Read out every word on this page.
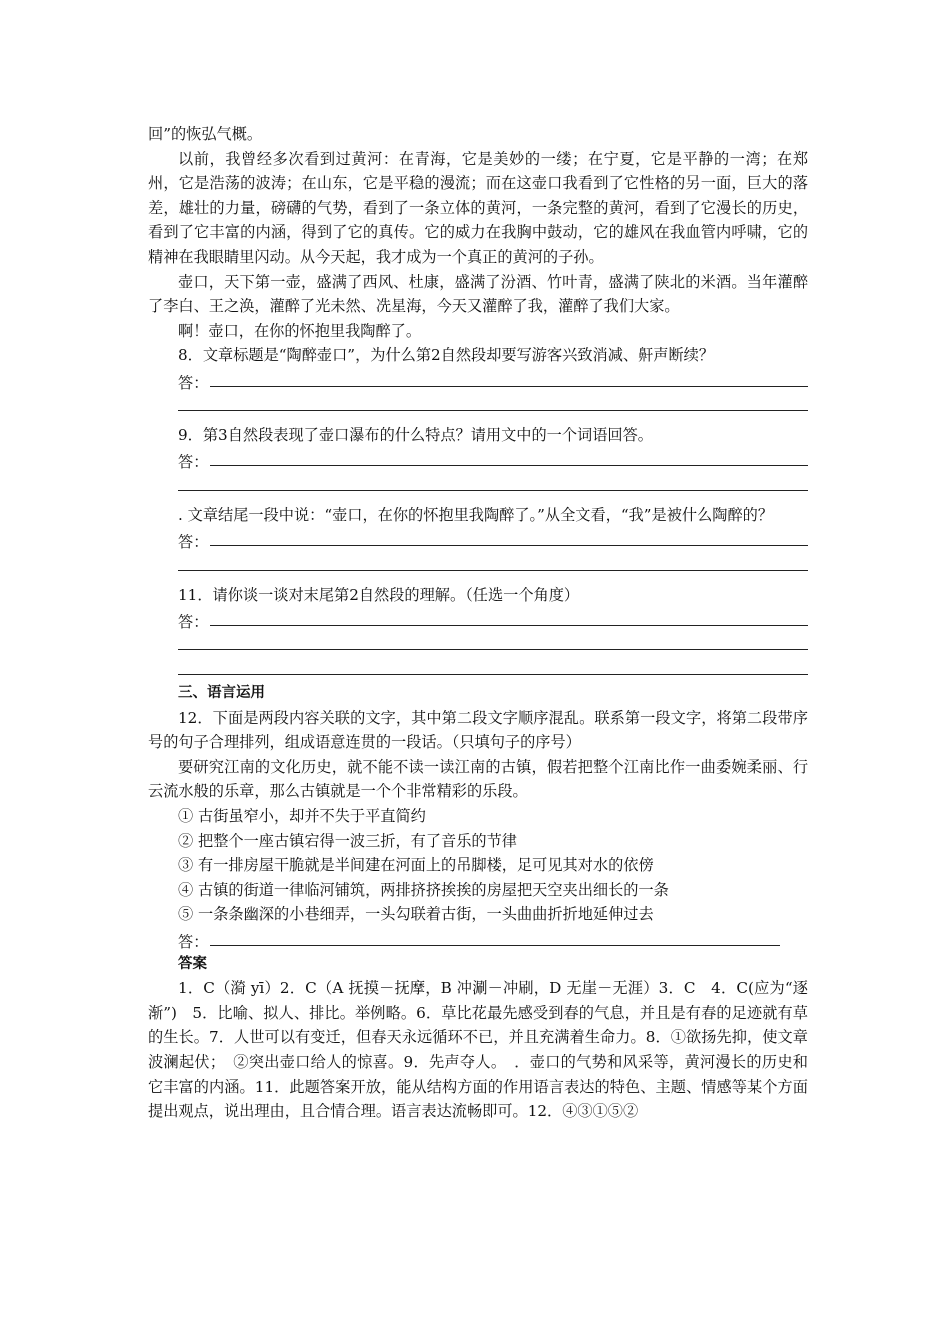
回”的恢弘气概。

以前，我曾经多次看到过黄河：在青海，它是美妙的一缕；在宁夏，它是平静的一湾；在郑州，它是浩荡的波涛；在山东，它是平稳的漫流；而在这壶口我看到了它性格的另一面，巨大的落差，雄壮的力量，磅礴的气势，看到了一条立体的黄河，一条完整的黄河，看到了它漫长的历史，看到了它丰富的内涵，得到了它的真传。它的威力在我胸中鼓动，它的雄风在我血管内呼啸，它的精神在我眼睛里闪动。从今天起，我才成为一个真正的黄河的子孙。

壶口，天下第一壶，盛满了西风、杜康，盛满了汾酒、竹叶青，盛满了陕北的米酒。当年灌醉了李白、王之涣，灌醉了光未然、冼星海，今天又灌醉了我，灌醉了我们大家。

啊！壶口，在你的怀抱里我陶醉了。

8．文章标题是“陶醉壶口”，为什么第2自然段却要写游客兴致消减、鼾声断续？

答：

9．第3自然段表现了壶口瀑布的什么特点？请用文中的一个词语回答。

答：

. 文章结尾一段中说：“壶口，在你的怀抱里我陶醉了。”从全文看，“我”是被什么陶醉的？

答：

11．请你谈一谈对末尾第2自然段的理解。（任选一个角度）

答：
三、语言运用

12．下面是两段内容关联的文字，其中第二段文字顺序混乱。联系第一段文字，将第二段带序号的句子合理排列，组成语意连贯的一段话。（只填句子的序号）

要研究江南的文化历史，就不能不读一读江南的古镇，假若把整个江南比作一曲委婉柔丽、行云流水般的乐章，那么古镇就是一个个非常精彩的乐段。

① 古街虽窄小，却并不失于平直简约
② 把整个一座古镇宕得一波三折，有了音乐的节律
③ 有一排房屋干脆就是半间建在河面上的吊脚楼，足可见其对水的依傍
④ 古镇的街道一律临河铺筑，两排挤挤挨挨的房屋把天空夹出细长的一条
⑤ 一条条幽深的小巷细弄，一头勾联着古街，一头曲曲折折地延伸过去
答：
答案

1．C（漪 yī）2．C（A 抚摸－抚摩，B 冲涮－冲刷，D 无崖－无涯）3．C　4．C(应为“逐渐”)　5．比喻、拟人、排比。举例略。6．草比花最先感受到春的气息，并且是有春的足迹就有草的生长。7．人世可以有变迁，但春天永远循环不已，并且充满着生命力。8．①欲扬先抑，使文章波澜起伏；　②突出壶口给人的惊喜。9．先声夺人。　．壶口的气势和风采等，黄河漫长的历史和它丰富的内涵。11．此题答案开放，能从结构方面的作用语言表达的特色、主题、情感等某个方面提出观点，说出理由，且合情合理。语言表达流畅即可。12．④③①⑤②
